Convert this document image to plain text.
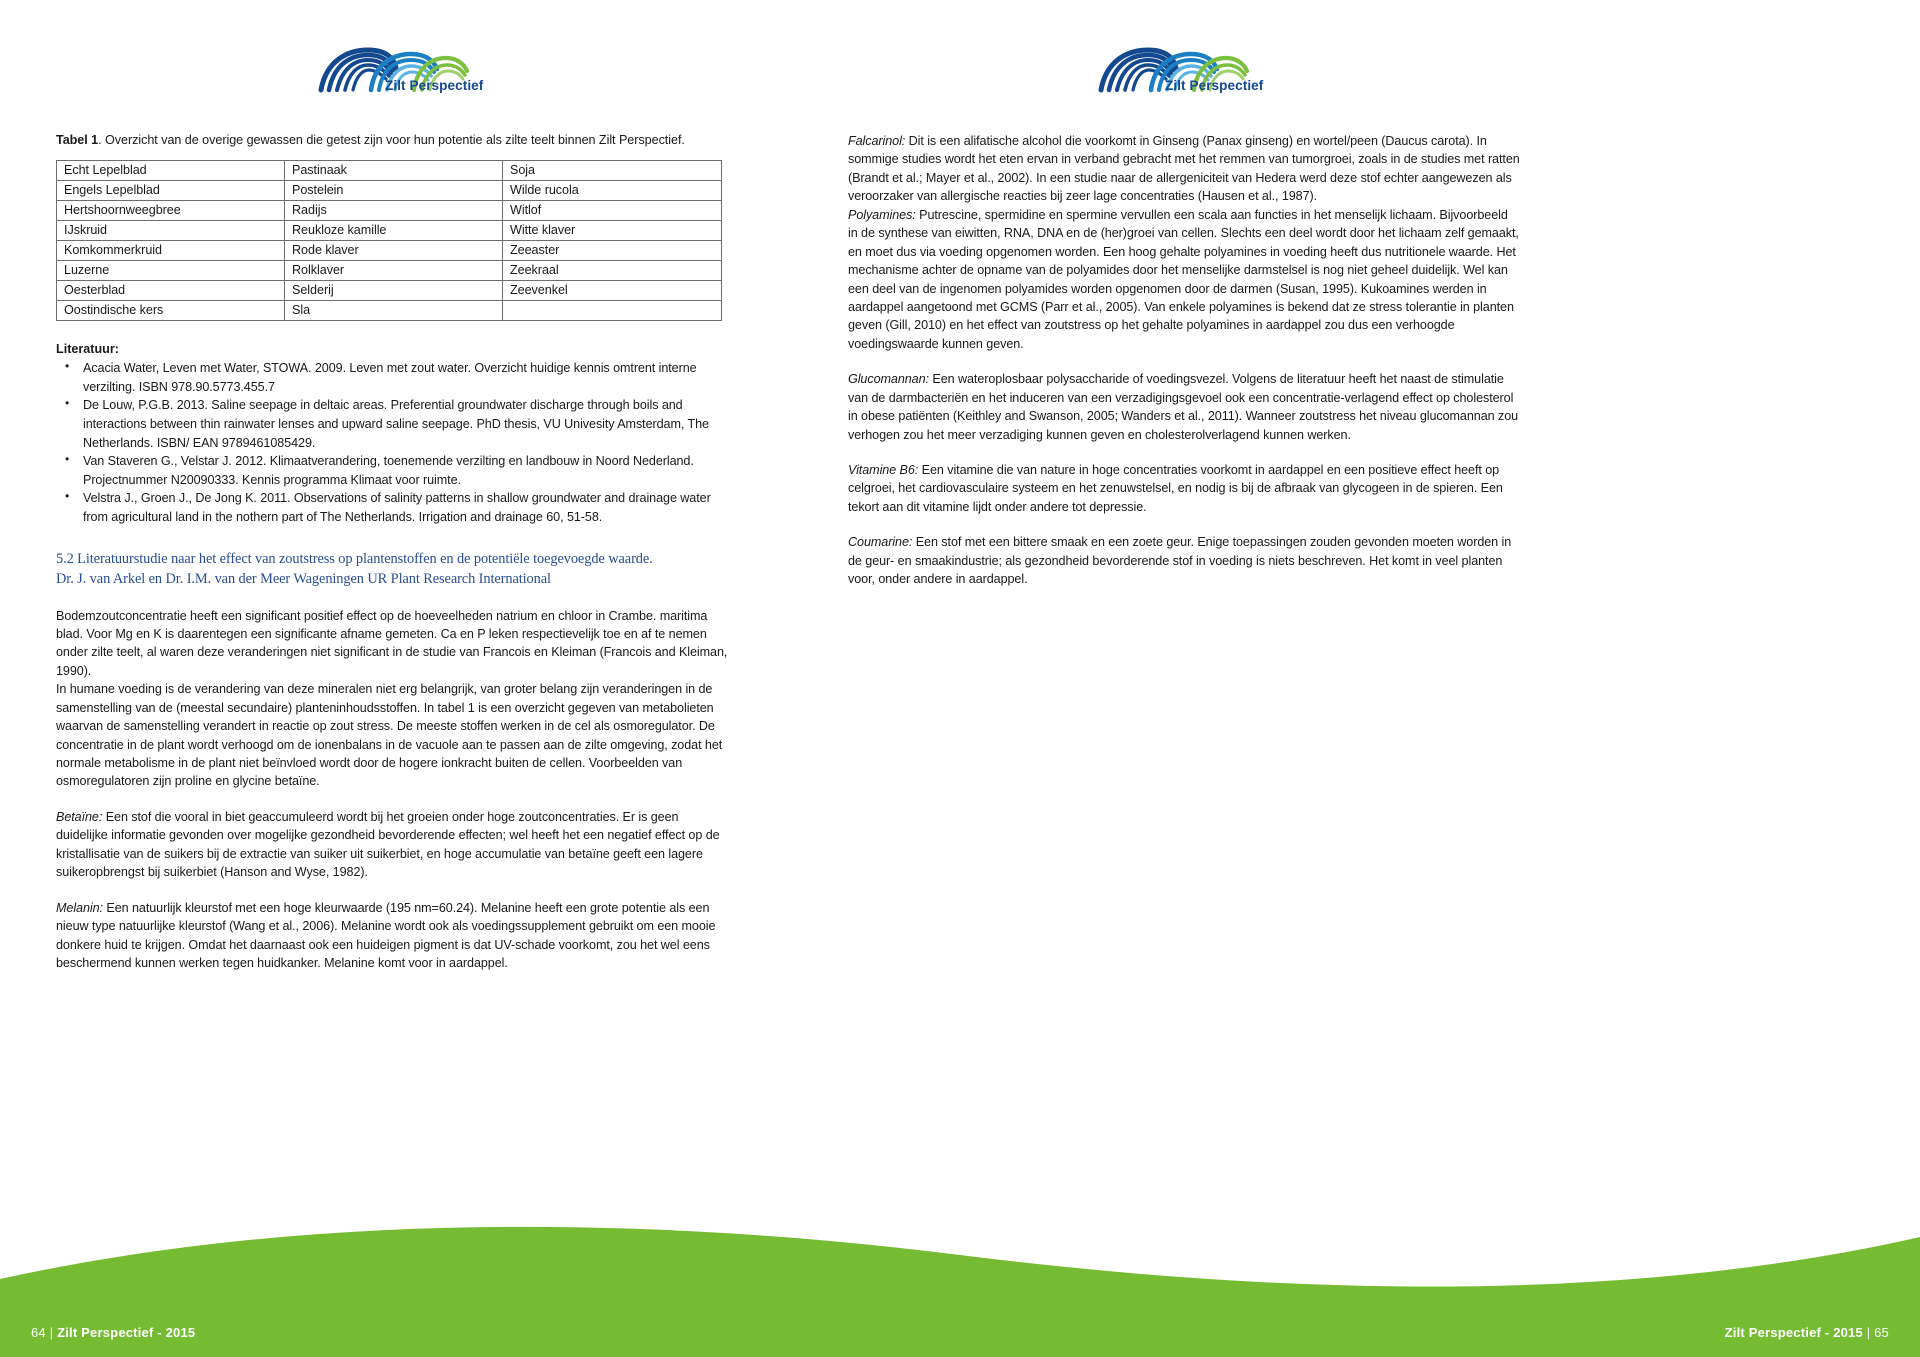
Zilt Perspectief	Zilt Perspectief
Tabel 1. Overzicht van de overige gewassen die getest zijn voor hun potentie als zilte teelt binnen Zilt Perspectief.
Echt Lepelblad	Pastinaak	Soja
Engels Lepelblad	Postelein	Wilde rucola
Hertshoornweegbree	Radijs	Witlof
IJskruid	Reukloze kamille	Witte klaver
Komkommerkruid	Rode klaver	Zeeaster
Luzerne	Rolklaver	Zeekraal
Oesterblad	Selderij	Zeevenkel
Oostindische kers	Sla	
Literatuur:
• Acacia Water, Leven met Water, STOWA. 2009. Leven met zout water. Overzicht huidige kennis omtrent interne verzilting. ISBN 978.90.5773.455.7
• De Louw, P.G.B. 2013. Saline seepage in deltaic areas. Preferential groundwater discharge through boils and interactions between thin rainwater lenses and upward saline seepage. PhD thesis, VU Univesity Amsterdam, The Netherlands. ISBN/ EAN 9789461085429.
• Van Staveren G., Velstar J. 2012. Klimaatverandering, toenemende verzilting en landbouw in Noord Nederland. Projectnummer N20090333. Kennis programma Klimaat voor ruimte.
• Velstra J., Groen J., De Jong K. 2011. Observations of salinity patterns in shallow groundwater and drainage water from agricultural land in the nothern part of The Netherlands. Irrigation and drainage 60, 51-58.
5.2 Literatuurstudie naar het effect van zoutstress op plantenstoffen en de potentiële toegevoegde waarde.
Dr. J. van Arkel en Dr. I.M. van der Meer Wageningen UR Plant Research International

Bodemzoutconcentratie heeft een significant positief effect op de hoeveelheden natrium en chloor in Crambe. maritima blad. Voor Mg en K is daarentegen een significante afname gemeten. Ca en P leken respectievelijk toe en af te nemen onder zilte teelt, al waren deze veranderingen niet significant in de studie van Francois en Kleiman (Francois and Kleiman, 1990).

In humane voeding is de verandering van deze mineralen niet erg belangrijk, van groter belang zijn veranderingen in de samenstelling van de (meestal secundaire) planteninhoudsstoffen. In tabel 1 is een overzicht gegeven van metabolieten waarvan de samenstelling verandert in reactie op zout stress. De meeste stoffen werken in de cel als osmoregulator. De concentratie in de plant wordt verhoogd om de ionenbalans in de vacuole aan te passen aan de zilte omgeving, zodat het normale metabolisme in de plant niet beïnvloed wordt door de hogere ionkracht buiten de cellen. Voorbeelden van osmoregulatoren zijn proline en glycine betaïne.

Betaïne: Een stof die vooral in biet geaccumuleerd wordt bij het groeien onder hoge zoutconcentraties. Er is geen duidelijke informatie gevonden over mogelijke gezondheid bevorderende effecten; wel heeft het een negatief effect op de kristallisatie van de suikers bij de extractie van suiker uit suikerbiet, en hoge accumulatie van betaïne geeft een lagere suikeropbrengst bij suikerbiet (Hanson and Wyse, 1982).

Melanin: Een natuurlijk kleurstof met een hoge kleurwaarde (195 nm=60.24). Melanine heeft een grote potentie als een nieuw type natuurlijke kleurstof (Wang et al., 2006). Melanine wordt ook als voedingssupplement gebruikt om een mooie donkere huid te krijgen. Omdat het daarnaast ook een huideigen pigment is dat UV-schade voorkomt, zou het wel eens beschermend kunnen werken tegen huidkanker. Melanine komt voor in aardappel.

Falcarinol: Dit is een alifatische alcohol die voorkomt in Ginseng (Panax ginseng) en wortel/peen (Daucus carota). In sommige studies wordt het eten ervan in verband gebracht met het remmen van tumorgroei, zoals in de studies met ratten (Brandt et al.; Mayer et al., 2002). In een studie naar de allergeniciteit van Hedera werd deze stof echter aangewezen als veroorzaker van allergische reacties bij zeer lage concentraties (Hausen et al., 1987).

Polyamines: Putrescine, spermidine en spermine vervullen een scala aan functies in het menselijk lichaam. Bijvoorbeeld in de synthese van eiwitten, RNA, DNA en de (her)groei van cellen. Slechts een deel wordt door het lichaam zelf gemaakt, en moet dus via voeding opgenomen worden. Een hoog gehalte polyamines in voeding heeft dus nutritionele waarde. Het mechanisme achter de opname van de polyamides door het menselijke darmstelsel is nog niet geheel duidelijk. Wel kan een deel van de ingenomen polyamides worden opgenomen door de darmen (Susan, 1995). Kukoamines werden in aardappel aangetoond met GCMS (Parr et al., 2005). Van enkele polyamines is bekend dat ze stress tolerantie in planten geven (Gill, 2010) en het effect van zoutstress op het gehalte polyamines in aardappel zou dus een verhoogde voedingswaarde kunnen geven.

Glucomannan: Een wateroplosbaar polysaccharide of voedingsvezel. Volgens de literatuur heeft het naast de stimulatie van de darmbacteriën en het induceren van een verzadigingsgevoel ook een concentratie-verlagend effect op cholesterol in obese patiënten (Keithley and Swanson, 2005; Wanders et al., 2011). Wanneer zoutstress het niveau glucomannan zou verhogen zou het meer verzadiging kunnen geven en cholesterolverlagend kunnen werken.

Vitamine B6: Een vitamine die van nature in hoge concentraties voorkomt in aardappel en een positieve effect heeft op celgroei, het cardiovasculaire systeem en het zenuwstelsel, en nodig is bij de afbraak van glycogeen in de spieren. Een tekort aan dit vitamine lijdt onder andere tot depressie.

Coumarine: Een stof met een bittere smaak en een zoete geur. Enige toepassingen zouden gevonden moeten worden in de geur- en smaakindustrie; als gezondheid bevorderende stof in voeding is niets beschreven. Het komt in veel planten voor, onder andere in aardappel.

64 | Zilt Perspectief - 2015	Zilt Perspectief - 2015 | 65
